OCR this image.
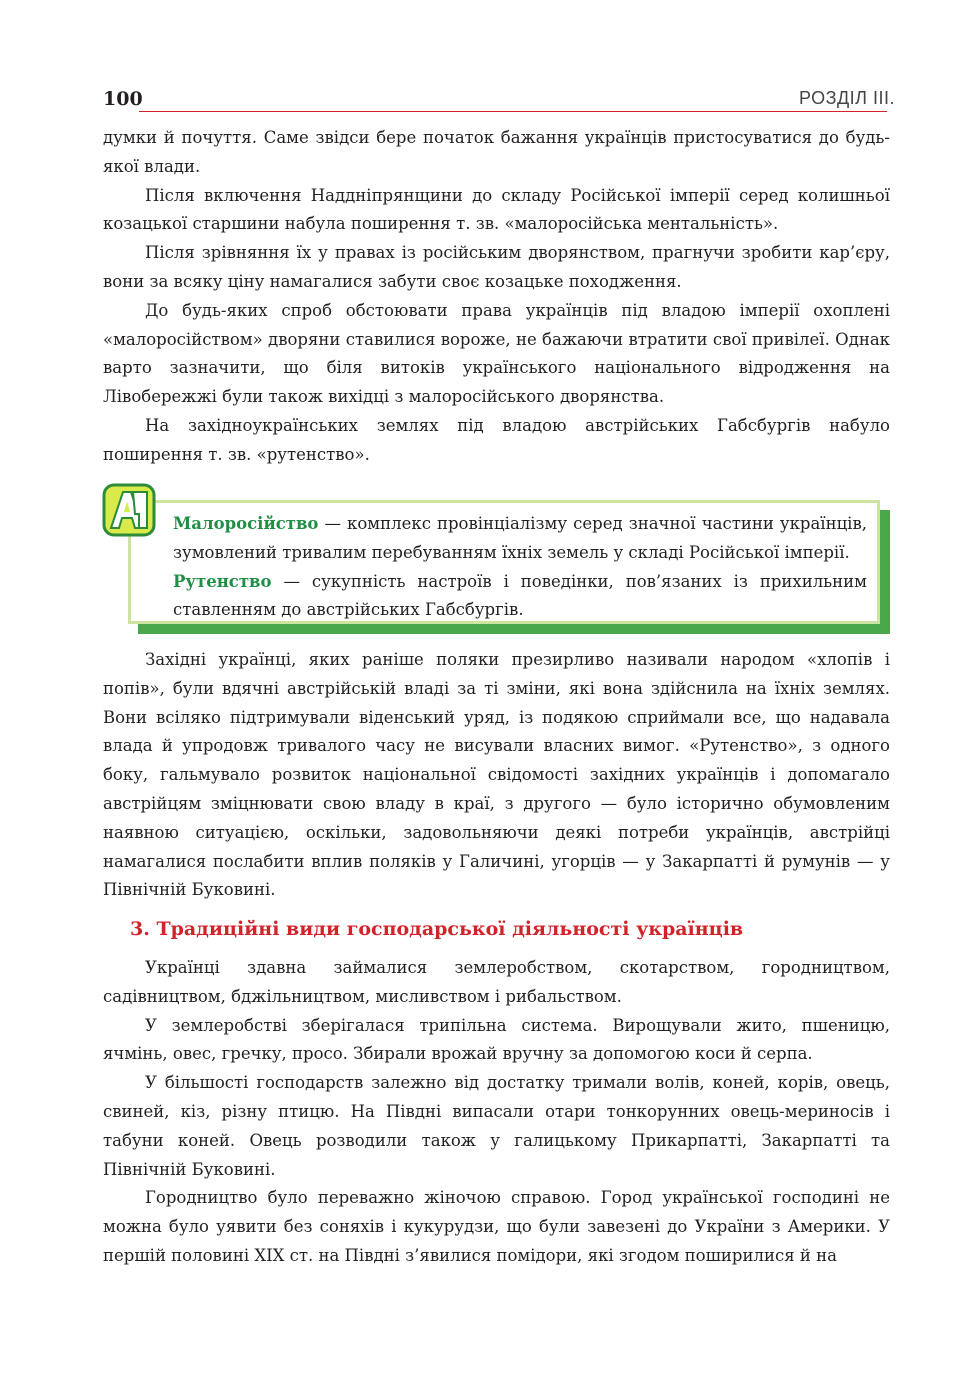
100	РОЗДІЛ ІІІ.

думки й почуття. Саме звідси бере початок бажання українців пристосуватися до будь-якої влади.

Після включення Наддніпрянщини до складу Російської імперії серед колишньої козацької старшини набула поширення т. зв. «малоросійська ментальність».

Після зрівняння їх у правах із російським дворянством, прагнучи зробити кар’єру, вони за всяку ціну намагалися забути своє козацьке походження.

До будь-яких спроб обстоювати права українців під владою імперії охоплені «малоросійством» дворяни ставилися вороже, не бажаючи втратити свої привілеї. Однак варто зазначити, що біля витоків українського національного відродження на Лівобережжі були також вихідці з малоросійського дворянства.

На західноукраїнських землях під владою австрійських Габсбургів набуло поширення т. зв. «рутенство».

Малоросійство — комплекс провінціалізму серед значної частини українців, зумовлений тривалим перебуванням їхніх земель у складі Російської імперії.

Рутенство — сукупність настроїв і поведінки, пов’язаних із прихильним ставленням до австрійських Габсбургів.

Західні українці, яких раніше поляки презирливо називали народом «хлопів і попів», були вдячні австрійській владі за ті зміни, які вона здійснила на їхніх землях. Вони всіляко підтримували віденський уряд, із подякою сприймали все, що надавала влада й упродовж тривалого часу не висували власних вимог. «Рутенство», з одного боку, гальмувало розвиток національної свідомості західних українців і допомагало австрійцям зміцнювати свою владу в краї, з другого — було історично обумовленим наявною ситуацією, оскільки, задовольняючи деякі потреби українців, австрійці намагалися послабити вплив поляків у Галичині, угорців — у Закарпатті й румунів — у Північній Буковині.

3. Традиційні види господарської діяльності українців

Українці здавна займалися землеробством, скотарством, городництвом, садівництвом, бджільництвом, мисливством і рибальством.

У землеробстві зберігалася трипільна система. Вирощували жито, пшеницю, ячмінь, овес, гречку, просо. Збирали врожай вручну за допомогою коси й серпа.

У більшості господарств залежно від достатку тримали волів, коней, корів, овець, свиней, кіз, різну птицю. На Півдні випасали отари тонкорунних овець-мериносів і табуни коней. Овець розводили також у галицькому Прикарпатті, Закарпатті та Північній Буковині.

Городництво було переважно жіночою справою. Город української господині не можна було уявити без соняхів і кукурудзи, що були завезені до України з Америки. У першій половині XIX ст. на Півдні з’явилися помідори, які згодом поширилися й на
